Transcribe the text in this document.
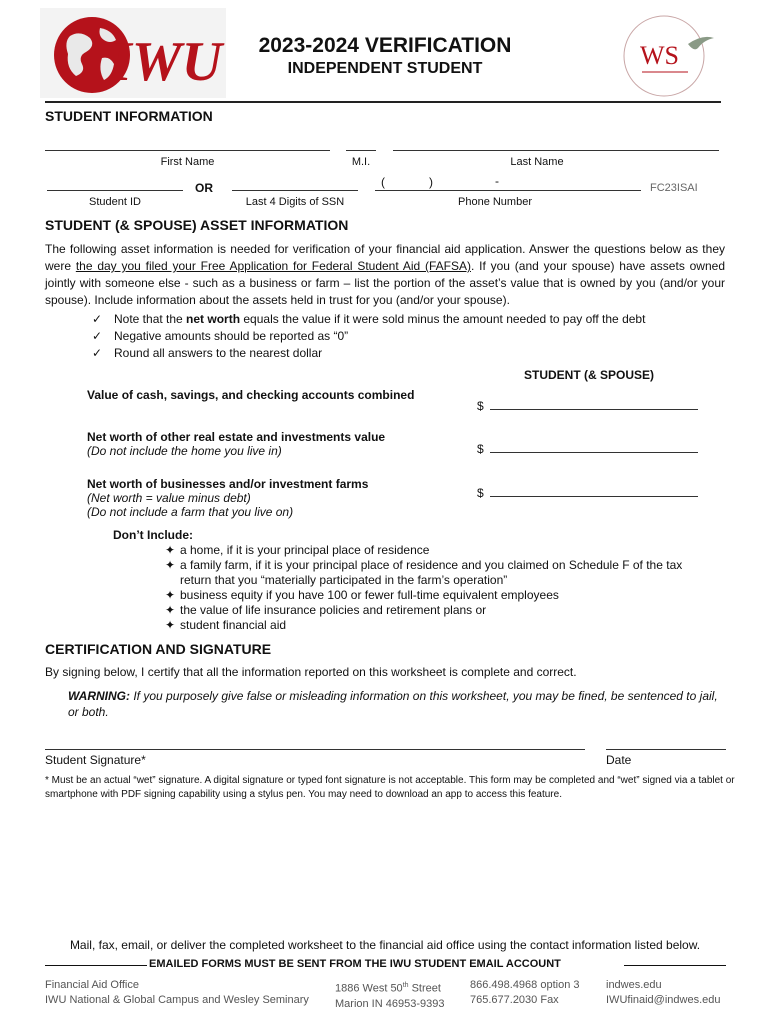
IWU	WS
2023-2024 VERIFICATION
INDEPENDENT STUDENT
STUDENT INFORMATION
First Name	M.I.	Last Name
Student ID
OR
Last 4 Digits of SSN
(	)	-
Phone Number
FC23ISAI
STUDENT (& SPOUSE) ASSET INFORMATION
The following asset information is needed for verification of your financial aid application. Answer the questions below as they were the day you filed your Free Application for Federal Student Aid (FAFSA). If you (and your spouse) have assets owned jointly with someone else - such as a business or farm – list the portion of the asset’s value that is owned by you (and/or your spouse). Include information about the assets held in trust for you (and/or your spouse).
✓ Note that the net worth equals the value if it were sold minus the amount needed to pay off the debt
✓ Negative amounts should be reported as “0”
✓ Round all answers to the nearest dollar
STUDENT (& SPOUSE)
Value of cash, savings, and checking accounts combined
$
Net worth of other real estate and investments value
(Do not include the home you live in)	$
Net worth of businesses and/or investment farms
(Net worth = value minus debt)
(Do not include a farm that you live on)
$
Don’t Include:
✦ a home, if it is your principal place of residence
✦ a family farm, if it is your principal place of residence and you claimed on Schedule F of the tax
return that you “materially participated in the farm’s operation”
✦ business equity if you have 100 or fewer full-time equivalent employees
✦ the value of life insurance policies and retirement plans or
✦ student financial aid
CERTIFICATION AND SIGNATURE
By signing below, I certify that all the information reported on this worksheet is complete and correct.
WARNING: If you purposely give false or misleading information on this worksheet, you may be fined, be sentenced to jail, or both.
Student Signature*	Date
* Must be an actual “wet” signature. A digital signature or typed font signature is not acceptable. This form may be completed and “wet” signed via a tablet or smartphone with PDF signing capability using a stylus pen. You may need to download an app to access this feature.
Mail, fax, email, or deliver the completed worksheet to the financial aid office using the contact information listed below.
EMAILED FORMS MUST BE SENT FROM THE IWU STUDENT EMAIL ACCOUNT
Financial Aid Office
IWU National & Global Campus and Wesley Seminary
1886 West 50th Street
Marion IN 46953-9393
866.498.4968 option 3
765.677.2030 Fax
indwes.edu
IWUfinaid@indwes.edu
